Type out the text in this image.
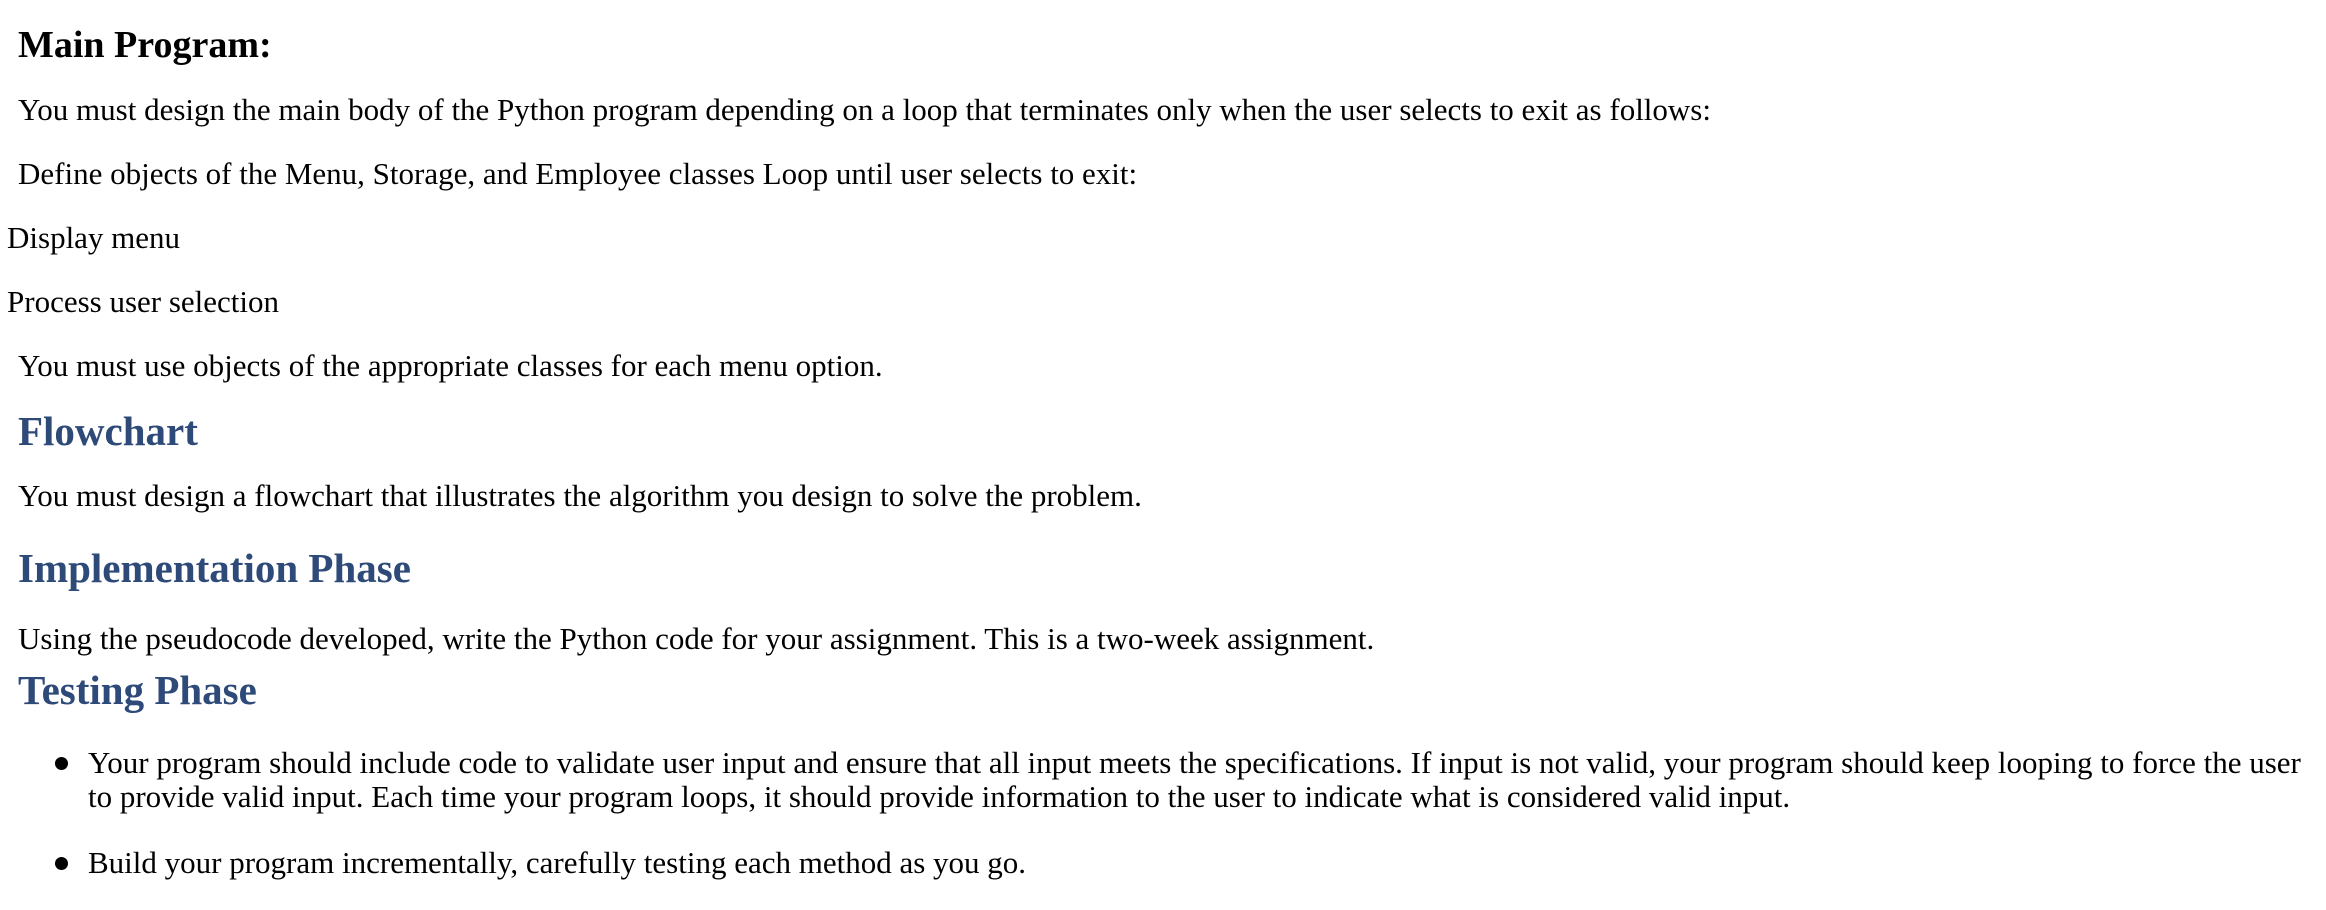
Main Program:

You must design the main body of the Python program depending on a loop that terminates only when the user selects to exit as follows:

Define objects of the Menu, Storage, and Employee classes Loop until user selects to exit:

Display menu

Process user selection

You must use objects of the appropriate classes for each menu option.

Flowchart

You must design a flowchart that illustrates the algorithm you design to solve the problem.

Implementation Phase

Using the pseudocode developed, write the Python code for your assignment. This is a two-week assignment.

Testing Phase
Your program should include code to validate user input and ensure that all input meets the specifications. If input is not valid, your program should keep looping to force the user to provide valid input. Each time your program loops, it should provide information to the user to indicate what is considered valid input.
Build your program incrementally, carefully testing each method as you go.
